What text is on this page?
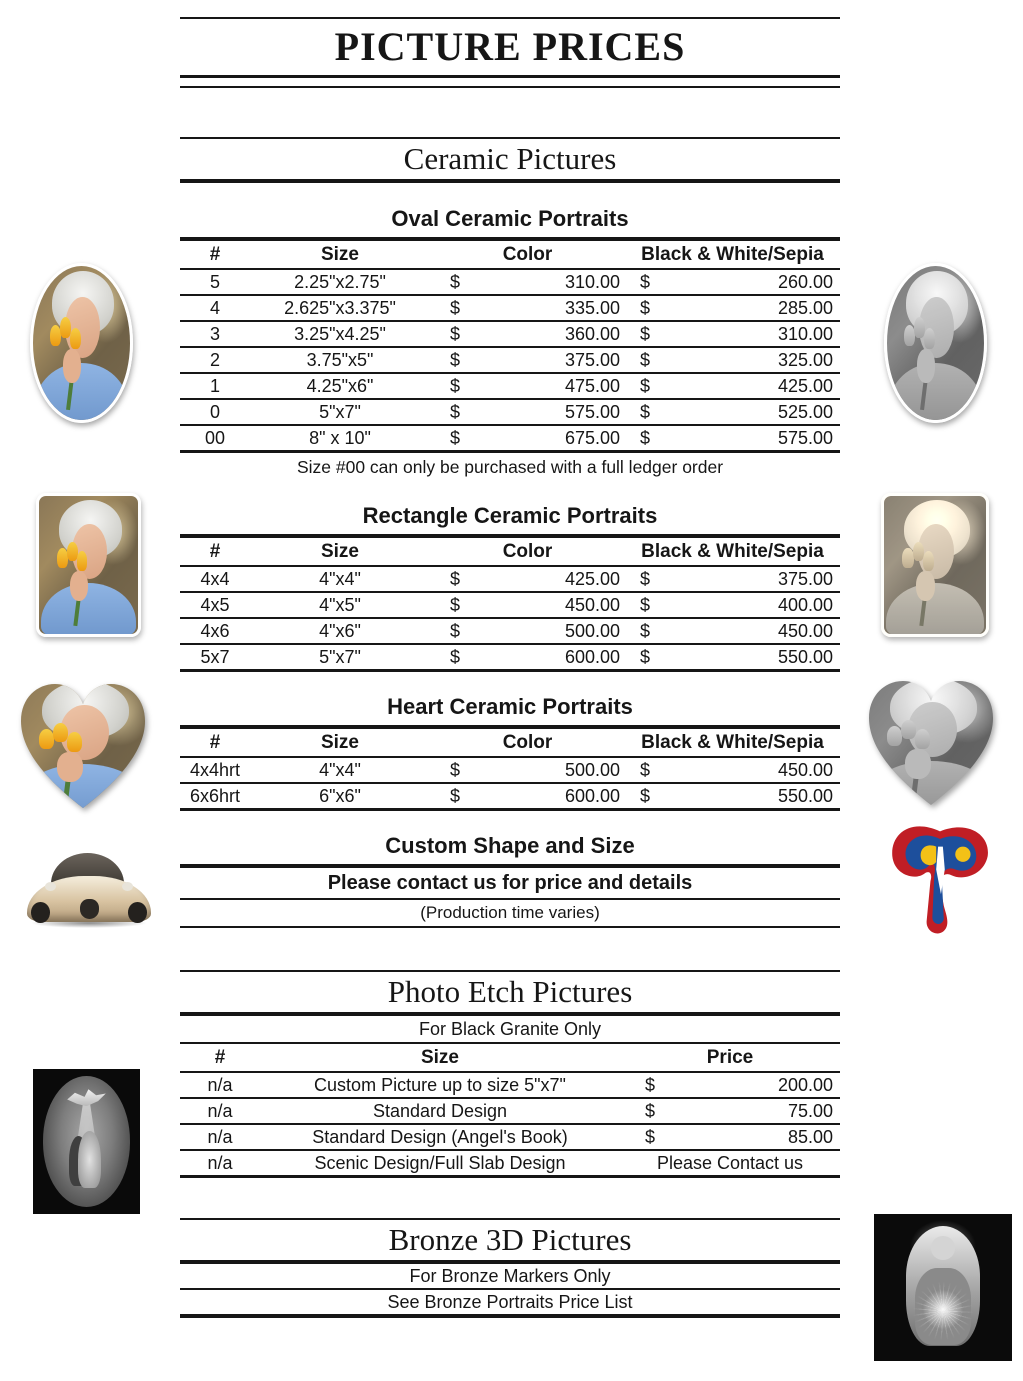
PICTURE PRICES
Ceramic Pictures
Oval Ceramic Portraits
#	Size	Color	Black & White/Sepia
5	2.25"x2.75"	$ 310.00	$ 260.00

4	2.625"x3.375"	$ 335.00	$ 285.00

3	3.25"x4.25"	$ 360.00	$ 310.00

2	3.75"x5"	$ 375.00	$ 325.00

1	4.25"x6"	$ 475.00	$ 425.00

0	5"x7"	$ 575.00	$ 525.00

00	8" x 10"	$ 675.00	$ 575.00
Size #00 can only be purchased with a full ledger order
Rectangle Ceramic Portraits
#	Size	Color	Black & White/Sepia
4x4	4"x4"	$ 425.00	$ 375.00

4x5	4"x5"	$ 450.00	$ 400.00

4x6	4"x6"	$ 500.00	$ 450.00

5x7	5"x7"	$ 600.00	$ 550.00
Heart Ceramic Portraits
#	Size	Color	Black & White/Sepia
4x4hrt	4"x4"	$ 500.00	$ 450.00

6x6hrt	6"x6"	$ 600.00	$ 550.00
Custom Shape and Size
Please contact us for price and details
(Production time varies)
Photo Etch Pictures
For Black Granite Only
#	Size	Price
n/a	Custom Picture up to size 5"x7"	$ 200.00

n/a	Standard Design	$ 75.00

n/a	Standard Design (Angel's Book)	$ 85.00

n/a	Scenic Design/Full Slab Design	Please Contact us
Bronze 3D Pictures
For Bronze Markers Only
See Bronze Portraits Price List
